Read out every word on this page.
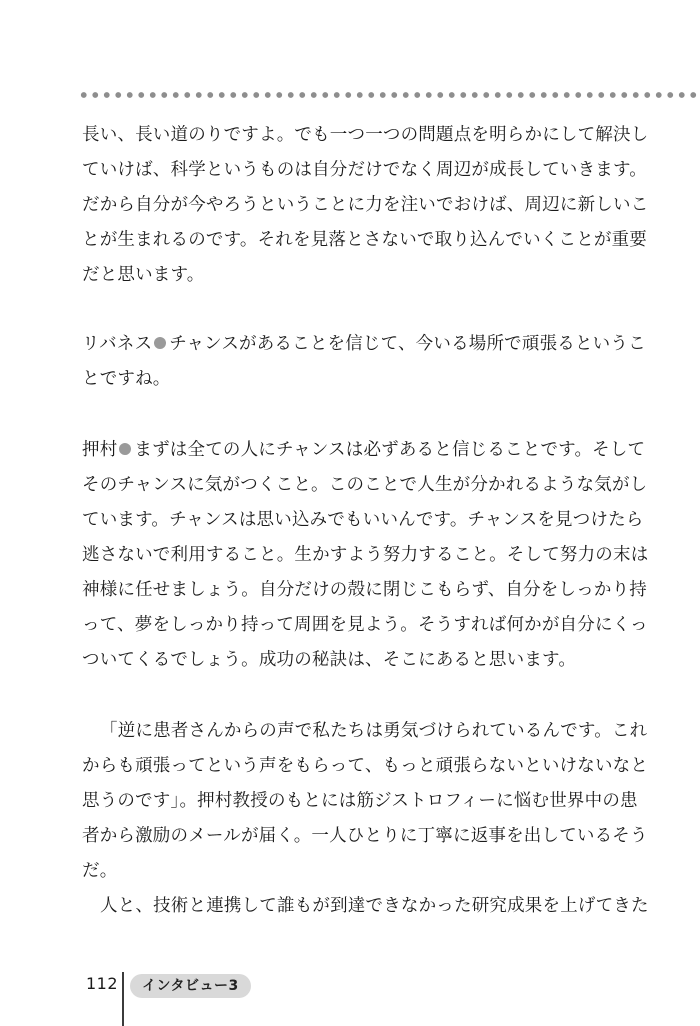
長い、長い道のりですよ。でも一つ一つの問題点を明らかにして解決し

ていけば、科学というものは自分だけでなく周辺が成長していきます。

だから自分が今やろうということに力を注いでおけば、周辺に新しいこ

とが生まれるのです。それを見落とさないで取り込んでいくことが重要

だと思います。

リバネス チャンスがあることを信じて、今いる場所で頑張るというこ

とですね。

押村 まずは全ての人にチャンスは必ずあると信じることです。そして

そのチャンスに気がつくこと。このことで人生が分かれるような気がし

ています。チャンスは思い込みでもいいんです。チャンスを見つけたら

逃さないで利用すること。生かすよう努力すること。そして努力の末は

神様に任せましょう。自分だけの殻に閉じこもらず、自分をしっかり持

って、夢をしっかり持って周囲を見よう。そうすれば何かが自分にくっ

ついてくるでしょう。成功の秘訣は、そこにあると思います。

「逆に患者さんからの声で私たちは勇気づけられているんです。これ

からも頑張ってという声をもらって、もっと頑張らないといけないなと

思うのです」。押村教授のもとには筋ジストロフィーに悩む世界中の患

者から激励のメールが届く。一人ひとりに丁寧に返事を出しているそう

だ。

人と、技術と連携して誰もが到達できなかった研究成果を上げてきた

112	インタビュー3
